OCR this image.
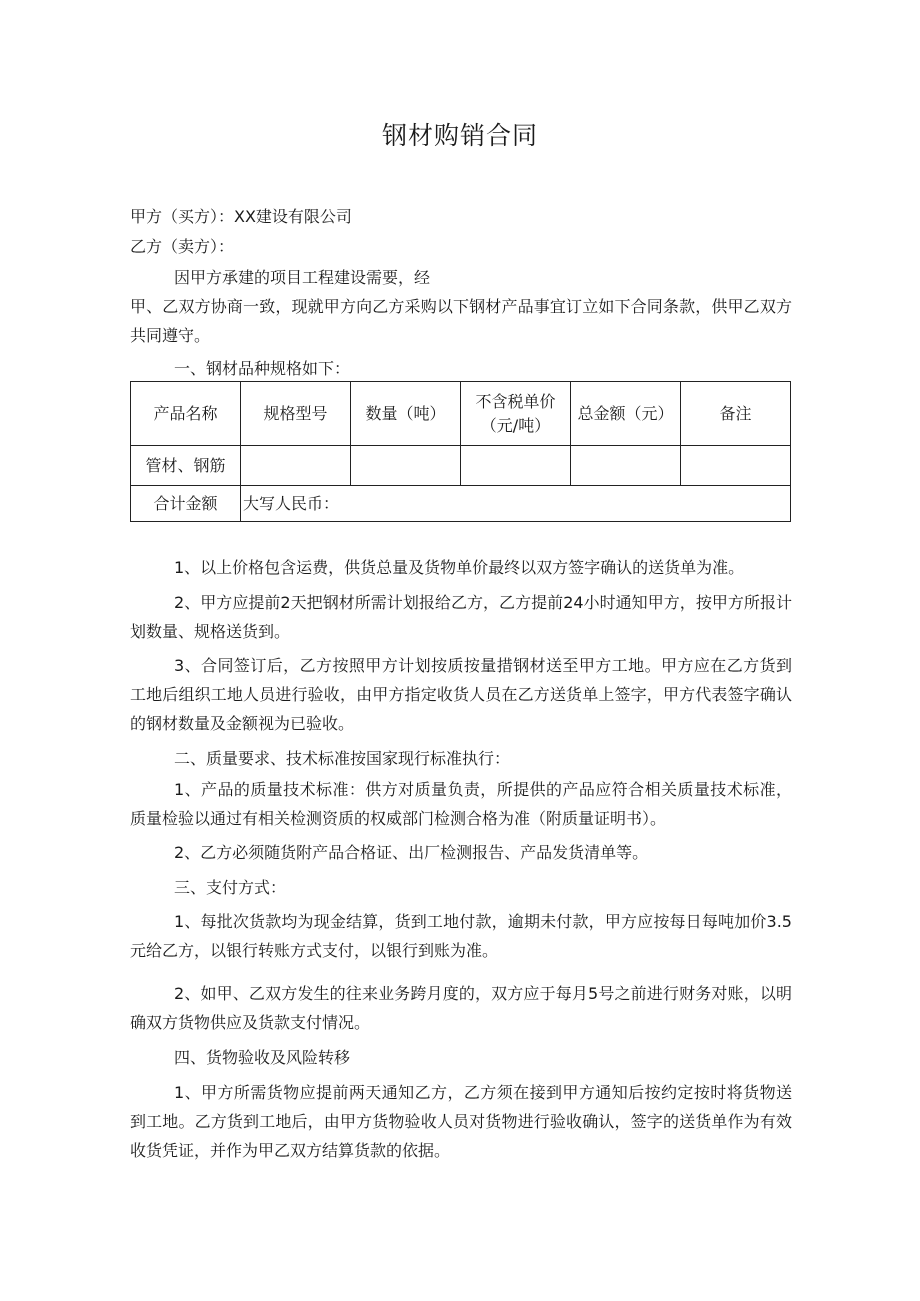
钢材购销合同
甲方（买方）：XX建设有限公司
乙方（卖方）：
因甲方承建的项目工程建设需要，经

甲、乙双方协商一致，现就甲方向乙方采购以下钢材产品事宜订立如下合同条款，供甲乙双方共同遵守。

一、钢材品种规格如下：
产品名称	规格型号	数量（吨）	不含税单价（元/吨）	总金额（元）	备注
管材、钢筋					
合计金额	大写人民币：				

1、以上价格包含运费，供货总量及货物单价最终以双方签字确认的送货单为准。

2、甲方应提前2天把钢材所需计划报给乙方，乙方提前24小时通知甲方，按甲方所报计划数量、规格送货到。

3、合同签订后，乙方按照甲方计划按质按量措钢材送至甲方工地。甲方应在乙方货到工地后组织工地人员进行验收，由甲方指定收货人员在乙方送货单上签字，甲方代表签字确认的钢材数量及金额视为已验收。

二、质量要求、技术标准按国家现行标准执行：

1、产品的质量技术标准：供方对质量负责，所提供的产品应符合相关质量技术标准，质量检验以通过有相关检测资质的权威部门检测合格为准（附质量证明书）。

2、乙方必须随货附产品合格证、出厂检测报告、产品发货清单等。

三、支付方式：

1、每批次货款均为现金结算，货到工地付款，逾期未付款，甲方应按每日每吨加价3.5元给乙方，以银行转账方式支付，以银行到账为准。

2、如甲、乙双方发生的往来业务跨月度的，双方应于每月5号之前进行财务对账，以明确双方货物供应及货款支付情况。

四、货物验收及风险转移

1、甲方所需货物应提前两天通知乙方，乙方须在接到甲方通知后按约定按时将货物送到工地。乙方货到工地后，由甲方货物验收人员对货物进行验收确认，签字的送货单作为有效收货凭证，并作为甲乙双方结算货款的依据。
